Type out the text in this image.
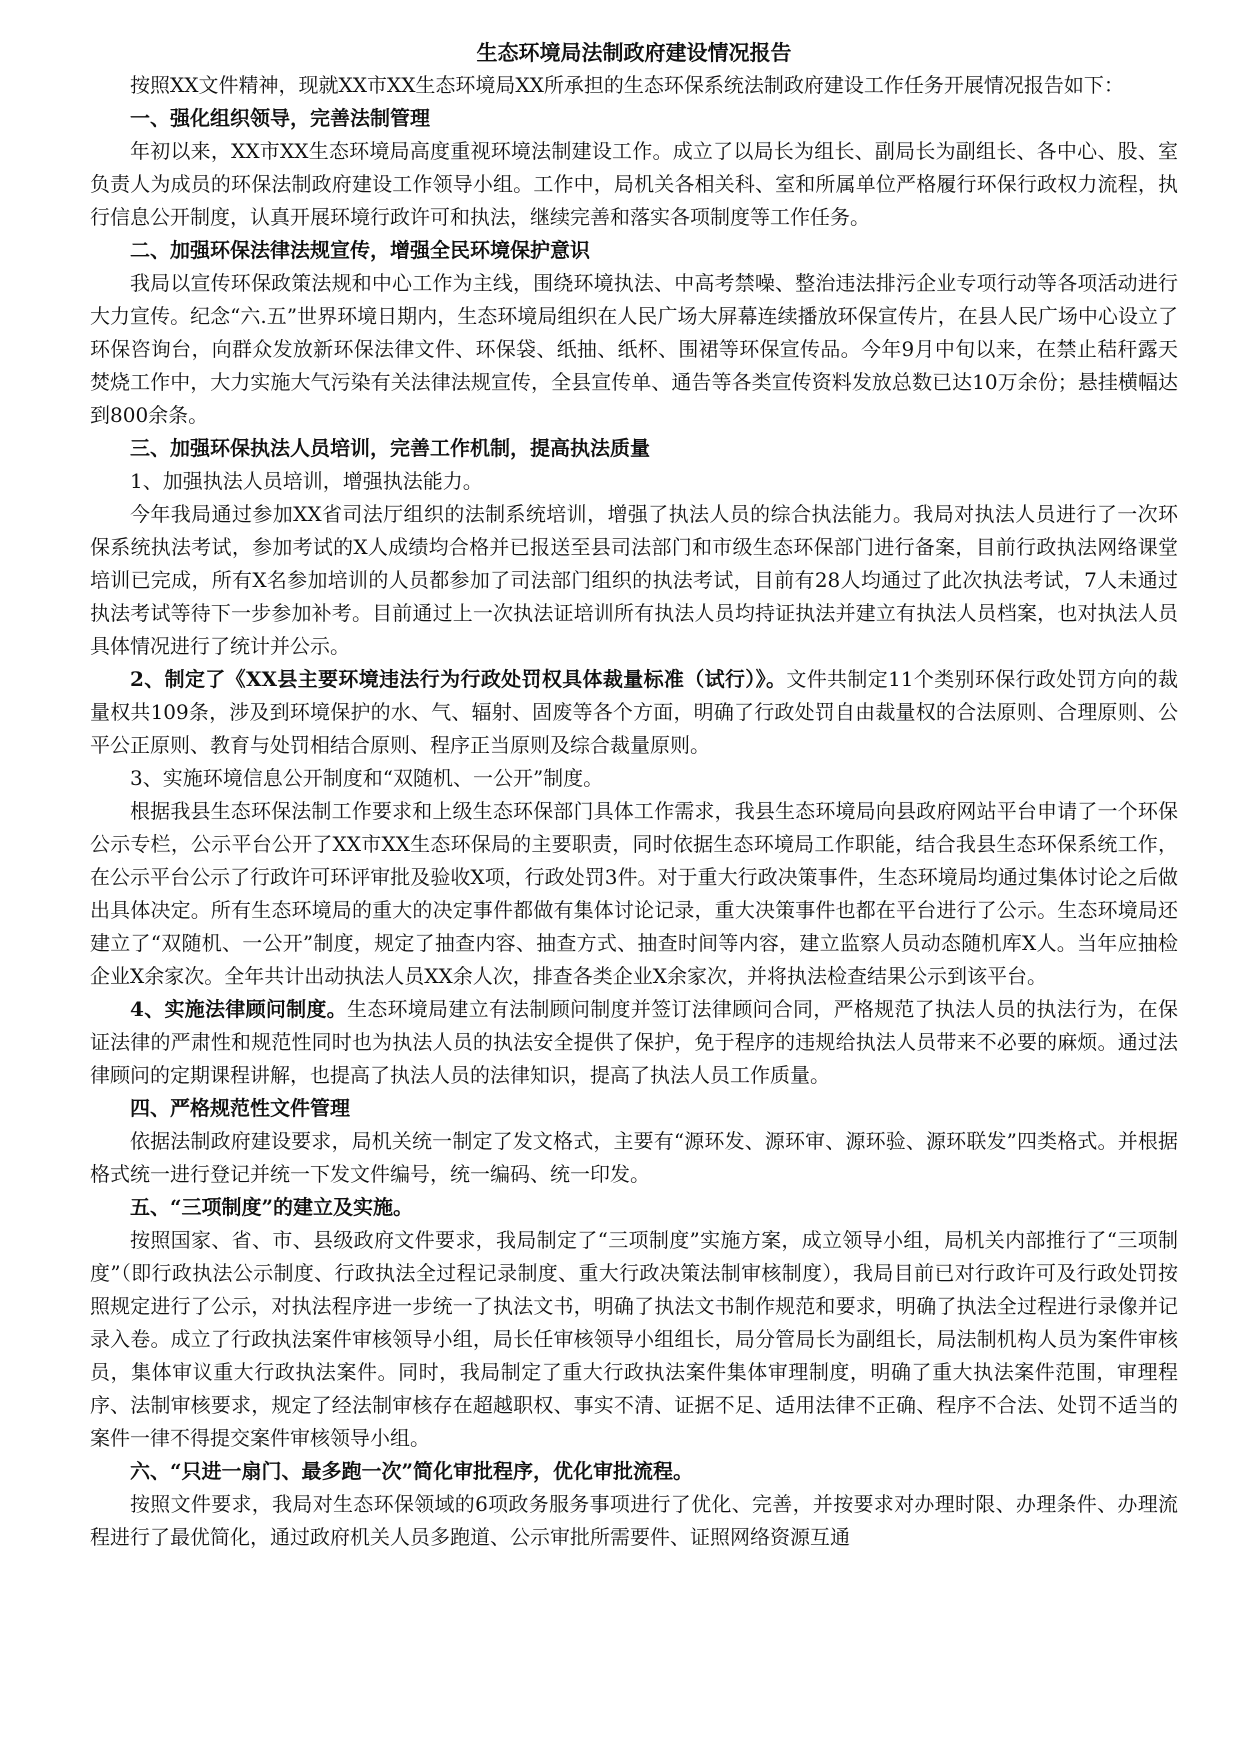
生态环境局法制政府建设情况报告

按照XX文件精神，现就XX市XX生态环境局XX所承担的生态环保系统法制政府建设工作任务开展情况报告如下：

一、强化组织领导，完善法制管理

年初以来，XX市XX生态环境局高度重视环境法制建设工作。成立了以局长为组长、副局长为副组长、各中心、股、室负责人为成员的环保法制政府建设工作领导小组。工作中，局机关各相关科、室和所属单位严格履行环保行政权力流程，执行信息公开制度，认真开展环境行政许可和执法，继续完善和落实各项制度等工作任务。

二、加强环保法律法规宣传，增强全民环境保护意识

我局以宣传环保政策法规和中心工作为主线，围绕环境执法、中高考禁噪、整治违法排污企业专项行动等各项活动进行大力宣传。纪念“六.五”世界环境日期内，生态环境局组织在人民广场大屏幕连续播放环保宣传片，在县人民广场中心设立了环保咨询台，向群众发放新环保法律文件、环保袋、纸抽、纸杯、围裙等环保宣传品。今年9月中旬以来，在禁止秸秆露天焚烧工作中，大力实施大气污染有关法律法规宣传，全县宣传单、通告等各类宣传资料发放总数已达10万余份；悬挂横幅达到800余条。

三、加强环保执法人员培训，完善工作机制，提高执法质量

1、加强执法人员培训，增强执法能力。

今年我局通过参加XX省司法厅组织的法制系统培训，增强了执法人员的综合执法能力。我局对执法人员进行了一次环保系统执法考试，参加考试的X人成绩均合格并已报送至县司法部门和市级生态环保部门进行备案，目前行政执法网络课堂培训已完成，所有X名参加培训的人员都参加了司法部门组织的执法考试，目前有28人均通过了此次执法考试，7人未通过执法考试等待下一步参加补考。目前通过上一次执法证培训所有执法人员均持证执法并建立有执法人员档案，也对执法人员具体情况进行了统计并公示。

2、制定了《XX县主要环境违法行为行政处罚权具体裁量标准（试行）》。文件共制定11个类别环保行政处罚方向的裁量权共109条，涉及到环境保护的水、气、辐射、固废等各个方面，明确了行政处罚自由裁量权的合法原则、合理原则、公平公正原则、教育与处罚相结合原则、程序正当原则及综合裁量原则。

3、实施环境信息公开制度和“双随机、一公开”制度。

根据我县生态环保法制工作要求和上级生态环保部门具体工作需求，我县生态环境局向县政府网站平台申请了一个环保公示专栏，公示平台公开了XX市XX生态环保局的主要职责，同时依据生态环境局工作职能，结合我县生态环保系统工作，在公示平台公示了行政许可环评审批及验收X项，行政处罚3件。对于重大行政决策事件，生态环境局均通过集体讨论之后做出具体决定。所有生态环境局的重大的决定事件都做有集体讨论记录，重大决策事件也都在平台进行了公示。生态环境局还建立了“双随机、一公开”制度，规定了抽查内容、抽查方式、抽查时间等内容，建立监察人员动态随机库X人。当年应抽检企业X余家次。全年共计出动执法人员XX余人次，排查各类企业X余家次，并将执法检查结果公示到该平台。

4、实施法律顾问制度。生态环境局建立有法制顾问制度并签订法律顾问合同，严格规范了执法人员的执法行为，在保证法律的严肃性和规范性同时也为执法人员的执法安全提供了保护，免于程序的违规给执法人员带来不必要的麻烦。通过法律顾问的定期课程讲解，也提高了执法人员的法律知识，提高了执法人员工作质量。

四、严格规范性文件管理

依据法制政府建设要求，局机关统一制定了发文格式，主要有“源环发、源环审、源环验、源环联发”四类格式。并根据格式统一进行登记并统一下发文件编号，统一编码、统一印发。

五、“三项制度”的建立及实施。

按照国家、省、市、县级政府文件要求，我局制定了“三项制度”实施方案，成立领导小组，局机关内部推行了“三项制度”（即行政执法公示制度、行政执法全过程记录制度、重大行政决策法制审核制度），我局目前已对行政许可及行政处罚按照规定进行了公示，对执法程序进一步统一了执法文书，明确了执法文书制作规范和要求，明确了执法全过程进行录像并记录入卷。成立了行政执法案件审核领导小组，局长任审核领导小组组长，局分管局长为副组长，局法制机构人员为案件审核员，集体审议重大行政执法案件。同时，我局制定了重大行政执法案件集体审理制度，明确了重大执法案件范围，审理程序、法制审核要求，规定了经法制审核存在超越职权、事实不清、证据不足、适用法律不正确、程序不合法、处罚不适当的案件一律不得提交案件审核领导小组。

六、“只进一扇门、最多跑一次”简化审批程序，优化审批流程。

按照文件要求，我局对生态环保领域的6项政务服务事项进行了优化、完善，并按要求对办理时限、办理条件、办理流程进行了最优简化，通过政府机关人员多跑道、公示审批所需要件、证照网络资源互通
